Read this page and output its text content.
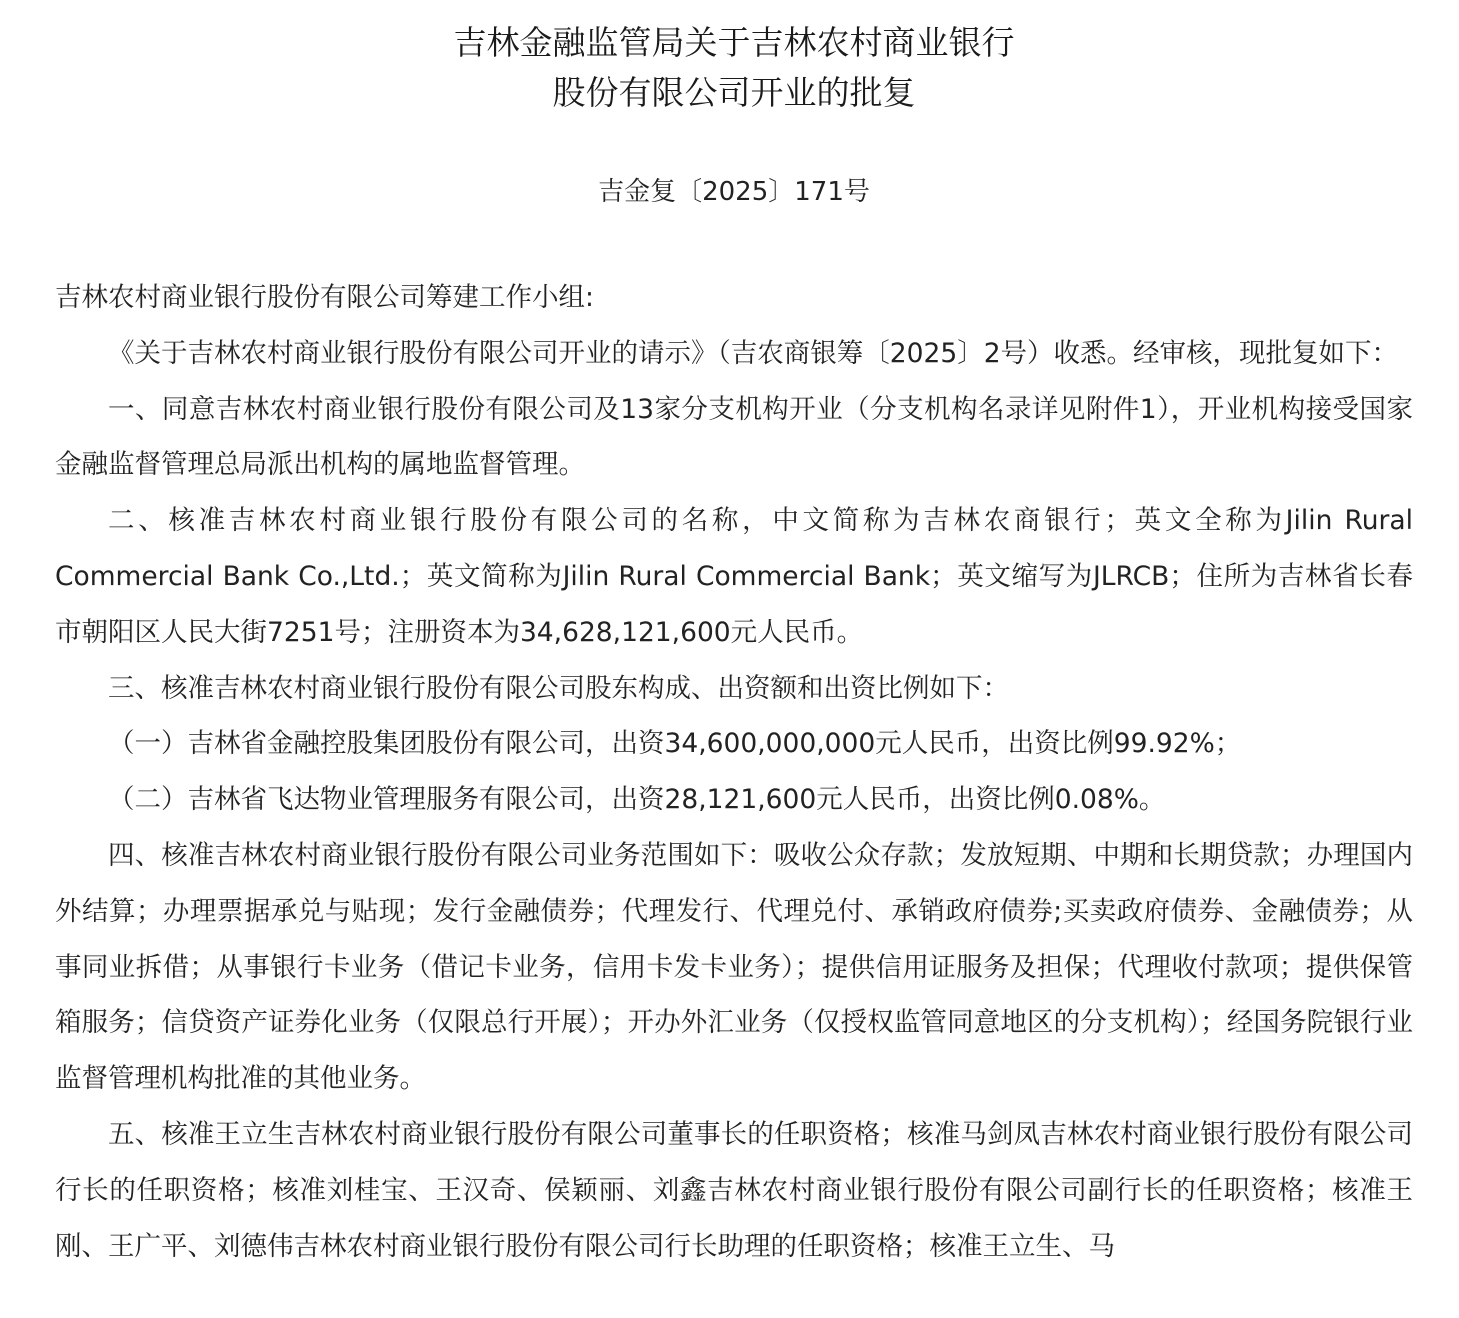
吉林金融监管局关于吉林农村商业银行
股份有限公司开业的批复

吉金复〔2025〕171号

吉林农村商业银行股份有限公司筹建工作小组:

《关于吉林农村商业银行股份有限公司开业的请示》（吉农商银筹〔2025〕2号）收悉。经审核，现批复如下：

一、同意吉林农村商业银行股份有限公司及13家分支机构开业（分支机构名录详见附件1），开业机构接受国家金融监督管理总局派出机构的属地监督管理。

二、核准吉林农村商业银行股份有限公司的名称，中文简称为吉林农商银行；英文全称为Jilin Rural Commercial Bank Co.,Ltd.；英文简称为Jilin Rural Commercial Bank；英文缩写为JLRCB；住所为吉林省长春市朝阳区人民大街7251号；注册资本为34,628,121,600元人民币。

三、核准吉林农村商业银行股份有限公司股东构成、出资额和出资比例如下：

（一）吉林省金融控股集团股份有限公司，出资34,600,000,000元人民币，出资比例99.92%；

（二）吉林省飞达物业管理服务有限公司，出资28,121,600元人民币，出资比例0.08%。

四、核准吉林农村商业银行股份有限公司业务范围如下：吸收公众存款；发放短期、中期和长期贷款；办理国内外结算；办理票据承兑与贴现；发行金融债券；代理发行、代理兑付、承销政府债券;买卖政府债券、金融债券；从事同业拆借；从事银行卡业务（借记卡业务，信用卡发卡业务）；提供信用证服务及担保；代理收付款项；提供保管箱服务；信贷资产证券化业务（仅限总行开展）；开办外汇业务（仅授权监管同意地区的分支机构）；经国务院银行业监督管理机构批准的其他业务。

五、核准王立生吉林农村商业银行股份有限公司董事长的任职资格；核准马剑凤吉林农村商业银行股份有限公司行长的任职资格；核准刘桂宝、王汉奇、侯颖丽、刘鑫吉林农村商业银行股份有限公司副行长的任职资格；核准王刚、王广平、刘德伟吉林农村商业银行股份有限公司行长助理的任职资格；核准王立生、马
